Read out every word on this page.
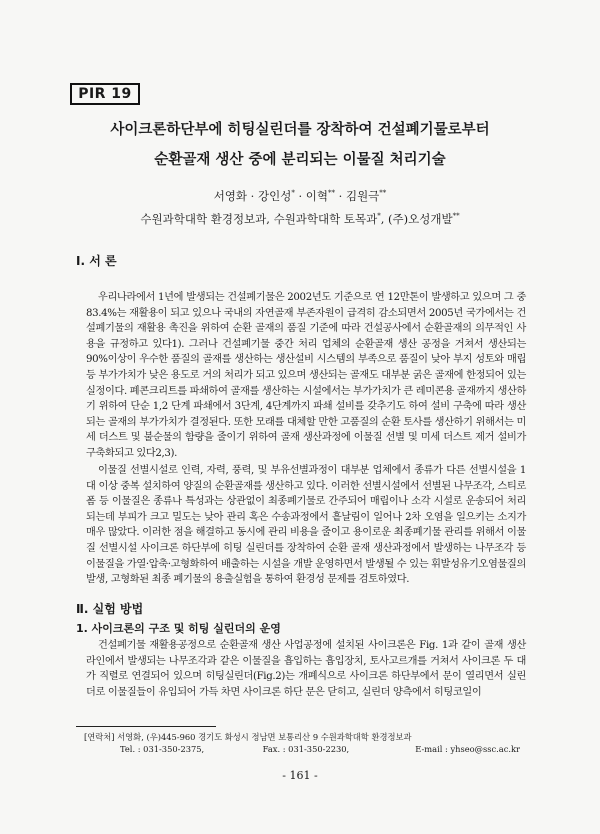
PIR 19
사이크론하단부에 히팅실린더를 장착하여 건설폐기물로부터
순환골재 생산 중에 분리되는 이물질 처리기술
서영화 · 강인성* · 이혁** · 김원극**
수원과학대학 환경정보과, 수원과학대학 토목과*, (주)오성개발**
Ⅰ. 서 론
우리나라에서 1년에 발생되는 건설폐기물은 2002년도 기준으로 연 12만톤이 발생하고 있으며 그 중 83.4%는 재활용이 되고 있으나 국내의 자연골재 부존자원이 급격히 감소되면서 2005년 국가에서는 건설폐기물의 재활용 촉진을 위하여 순환 골재의 품질 기준에 따라 건설공사에서 순환골재의 의무적인 사용을 규정하고 있다1). 그러나 건설폐기물 중간 처리 업체의 순환골재 생산 공정을 거쳐서 생산되는 90%이상이 우수한 품질의 골재를 생산하는 생산설비 시스템의 부족으로 품질이 낮아 부지 성토와 매립 등 부가가치가 낮은 용도로 거의 처리가 되고 있으며 생산되는 골재도 대부분 굵은 골재에 한정되어 있는 실정이다. 폐콘크리트를 파쇄하여 골재를 생산하는 시설에서는 부가가치가 큰 레미콘용 골재까지 생산하기 위하여 단순 1,2 단계 파쇄에서 3단계, 4단계까지 파쇄 설비를 갖추기도 하여 설비 구축에 따라 생산되는 골재의 부가가치가 결정된다. 또한 모래를 대체할 만한 고품질의 순환 토사를 생산하기 위해서는 미세 더스트 및 불순물의 함량을 줄이기 위하여 골재 생산과정에 이물질 선별 및 미세 더스트 제거 설비가 구축화되고 있다2,3).
이물질 선별시설로 인력, 자력, 풍력, 및 부유선별과정이 대부분 업체에서 종류가 다른 선별시설을 1대 이상 중복 설치하여 양질의 순환골재를 생산하고 있다. 이러한 선별시설에서 선별된 나무조각, 스티로폼 등 이물질은 종류나 특성과는 상관없이 최종폐기물로 간주되어 매립이나 소각 시설로 운송되어 처리되는데 부피가 크고 밀도는 낮아 관리 혹은 수송과정에서 흩날림이 일어나 2차 오염을 일으키는 소지가 매우 많았다. 이러한 점을 해결하고 동시에 관리 비용을 줄이고 용이로운 최종폐기물 관리를 위해서 이물질 선별시설 사이크론 하단부에 히팅 실린더를 장착하여 순환 골재 생산과정에서 발생하는 나무조각 등 이물질을 가열·압축·고형화하여 배출하는 시설을 개발 운영하면서 발생될 수 있는 휘발성유기오염물질의 발생, 고형화된 최종 폐기물의 용출실험을 통하여 환경성 문제를 검토하였다.
Ⅱ. 실험 방법
1. 사이크론의 구조 및 히팅 실린더의 운영
건설폐기물 재활용공정으로 순환골재 생산 사업공정에 설치된 사이크론은 Fig. 1과 같이 골재 생산 라인에서 발생되는 나무조각과 같은 이물질을 흡입하는 흡입장치, 토사고르개를 거쳐서 사이크론 두 대가 직렬로 연결되어 있으며 히팅실린더(Fig.2)는 개폐식으로 사이크론 하단부에서 문이 열리면서 실린더로 이물질들이 유입되어 가득 차면 사이크론 하단 문은 닫히고, 실린더 양측에서 히팅코일이
[연락처] 서영화, (우)445-960 경기도 화성시 정남면 보통리산 9 수원과학대학 환경정보과
Tel. : 031-350-2375,	Fax. : 031-350-2230,	E-mail : yhseo@ssc.ac.kr
- 161 -
